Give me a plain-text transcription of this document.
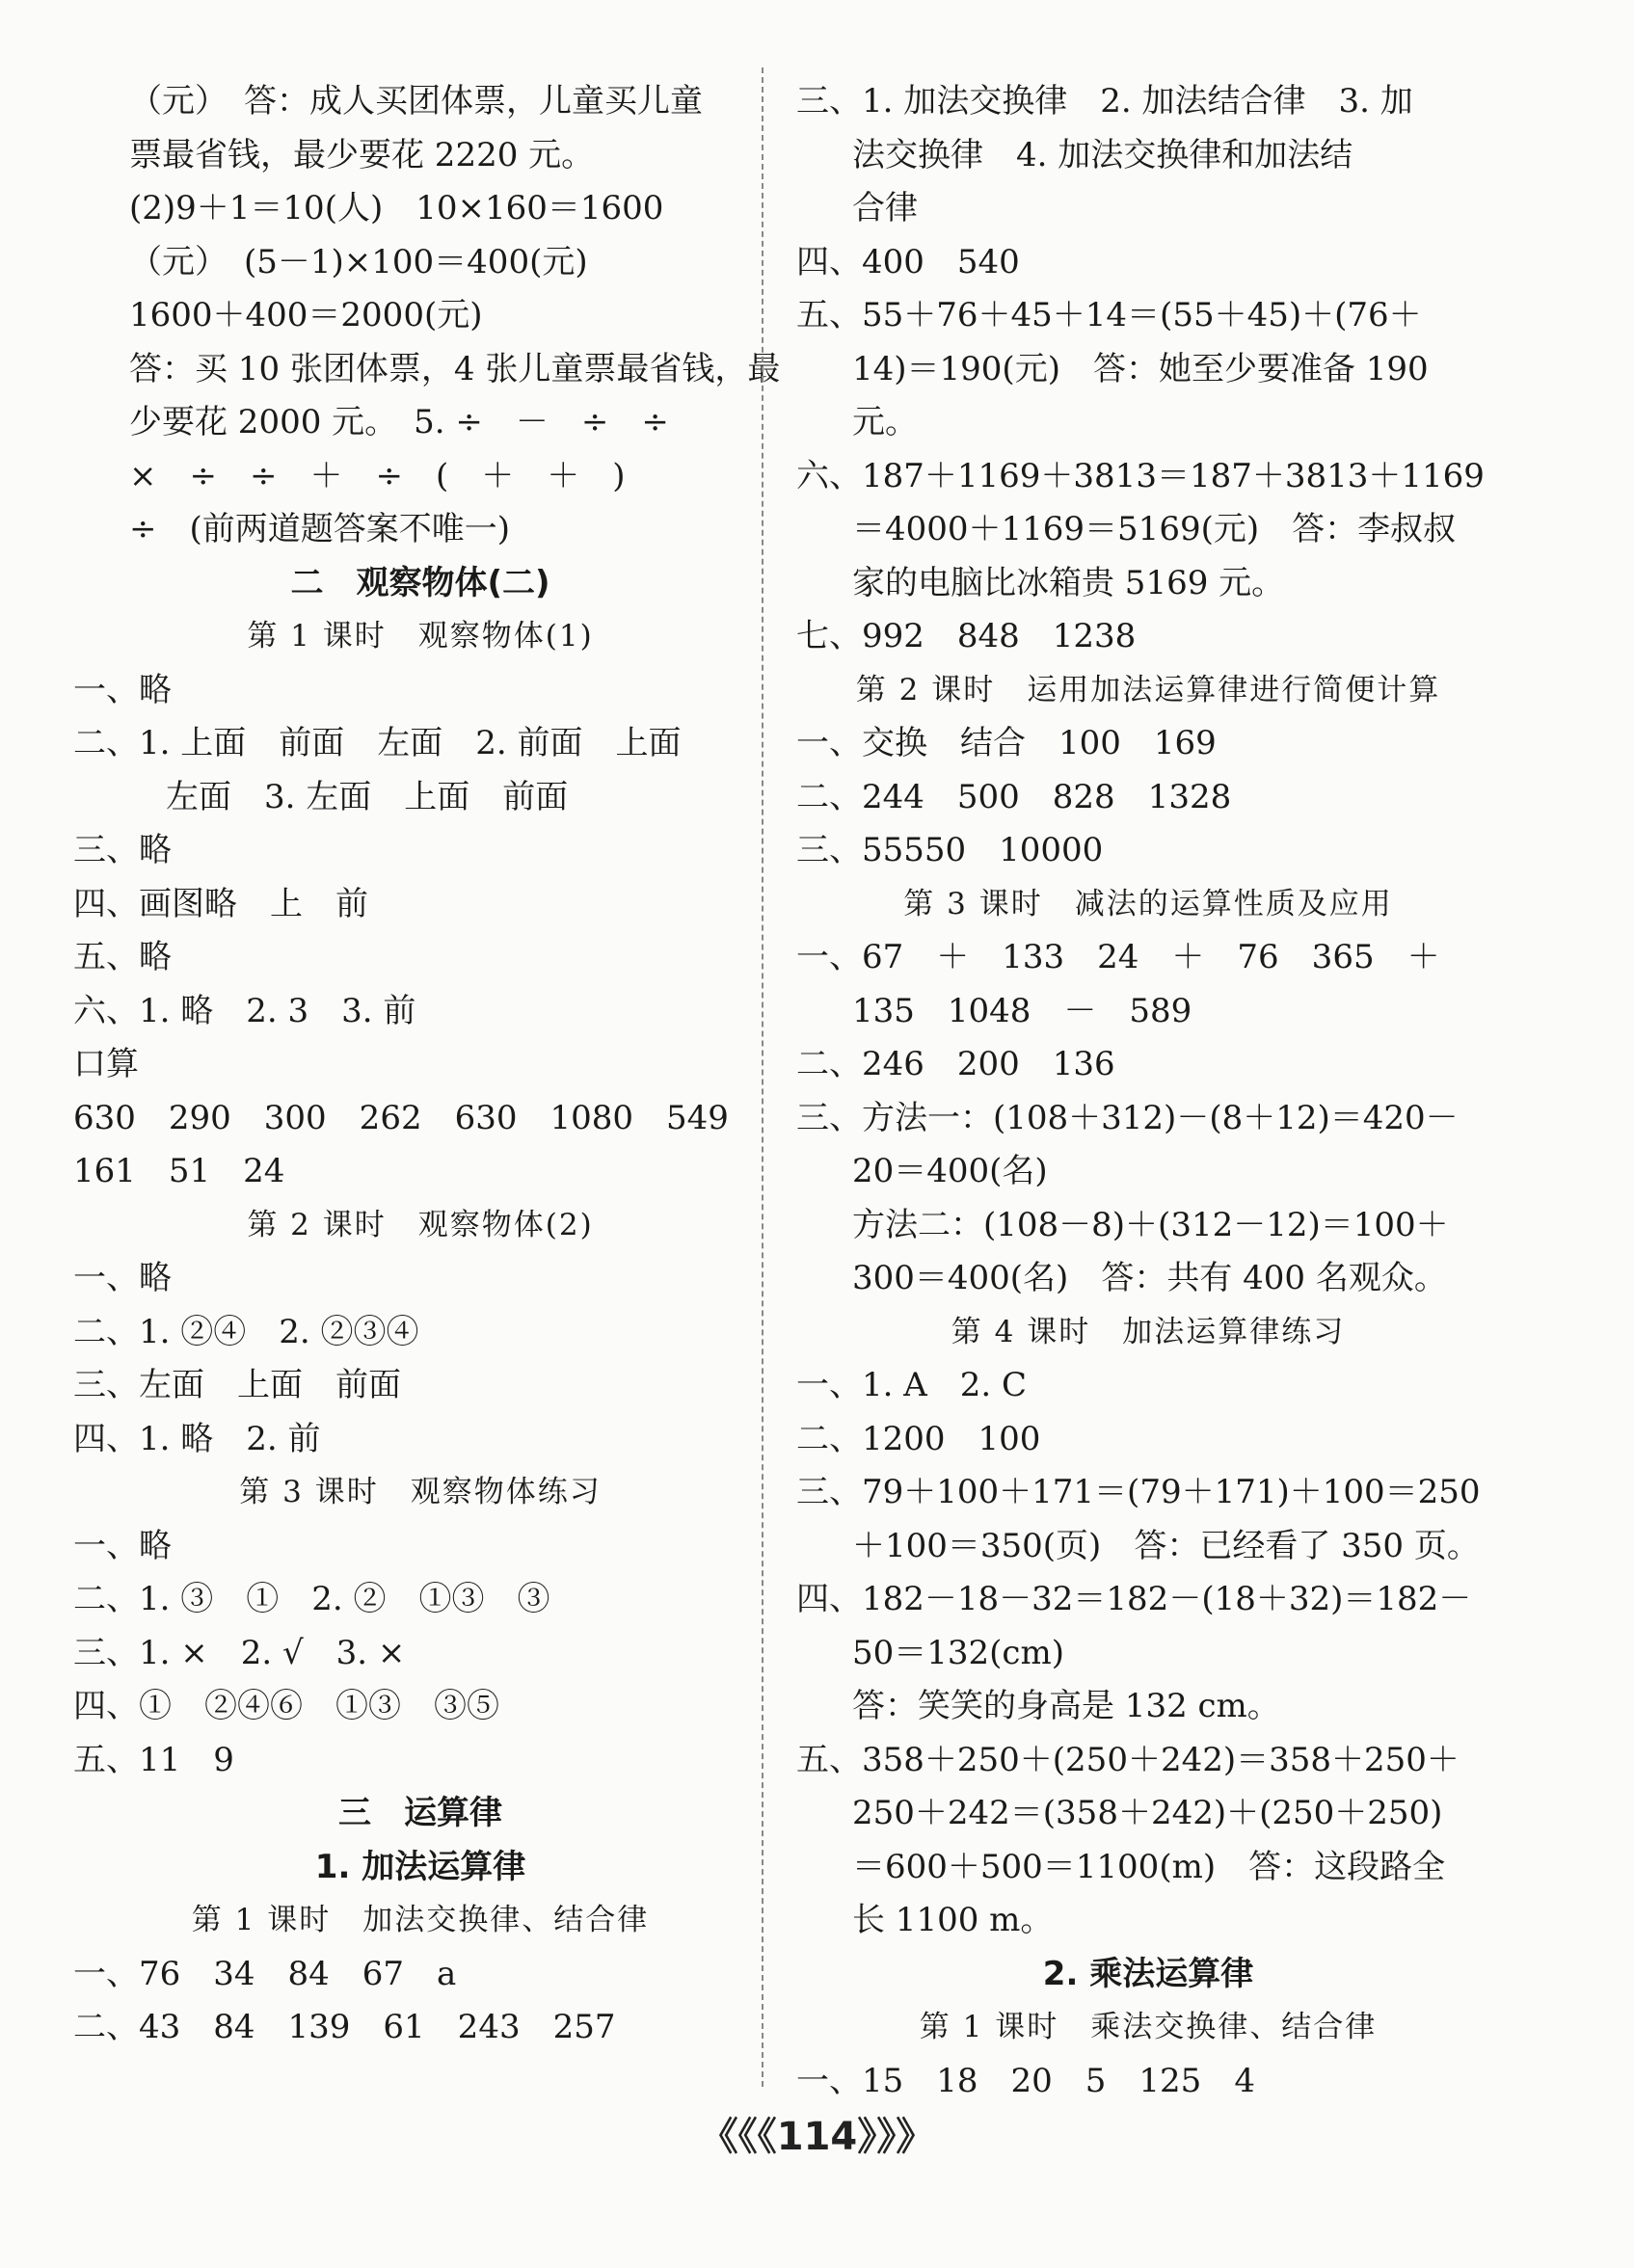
（元）　答：成人买团体票，儿童买儿童
票最省钱，最少要花 2220 元。
(2)9＋1＝10(人)　10×160＝1600
（元）　(5－1)×100＝400(元)
1600＋400＝2000(元)
答：买 10 张团体票，4 张儿童票最省钱，最
少要花 2000 元。　5. ÷　－　÷　÷
×　÷　÷　＋　÷　(　＋　＋　)
÷　(前两道题答案不唯一)
二　观察物体(二)
第 1 课时　观察物体(1)
一、略
二、1. 上面　前面　左面　2. 前面　上面
左面　3. 左面　上面　前面
三、略
四、画图略　上　前
五、略
六、1. 略　2. 3　3. 前
口算
630　290　300　262　630　1080　549
161　51　24
第 2 课时　观察物体(2)
一、略
二、1. ②④　2. ②③④
三、左面　上面　前面
四、1. 略　2. 前
第 3 课时　观察物体练习
一、略
二、1. ③　①　2. ②　①③　③
三、1. ×　2. √　3. ×
四、①　②④⑥　①③　③⑤
五、11　9
三　运算律
1. 加法运算律
第 1 课时　加法交换律、结合律
一、76　34　84　67　a
二、43　84　139　61　243　257
三、1. 加法交换律　2. 加法结合律　3. 加
法交换律　4. 加法交换律和加法结
合律
四、400　540
五、55＋76＋45＋14＝(55＋45)＋(76＋
14)＝190(元)　答：她至少要准备 190
元。
六、187＋1169＋3813＝187＋3813＋1169
＝4000＋1169＝5169(元)　答：李叔叔
家的电脑比冰箱贵 5169 元。
七、992　848　1238
第 2 课时　运用加法运算律进行简便计算
一、交换　结合　100　169
二、244　500　828　1328
三、55550　10000
第 3 课时　减法的运算性质及应用
一、67　＋　133　24　＋　76　365　＋
135　1048　－　589
二、246　200　136
三、方法一：(108＋312)－(8＋12)＝420－
20＝400(名)
方法二：(108－8)＋(312－12)＝100＋
300＝400(名)　答：共有 400 名观众。
第 4 课时　加法运算律练习
一、1. A　2. C
二、1200　100
三、79＋100＋171＝(79＋171)＋100＝250
＋100＝350(页)　答：已经看了 350 页。
四、182－18－32＝182－(18＋32)＝182－
50＝132(cm)
答：笑笑的身高是 132 cm。
五、358＋250＋(250＋242)＝358＋250＋
250＋242＝(358＋242)＋(250＋250)
＝600＋500＝1100(m)　答：这段路全
长 1100 m。
2. 乘法运算律
第 1 课时　乘法交换律、结合律
一、15　18　20　5　125　4
《《《114》》》
